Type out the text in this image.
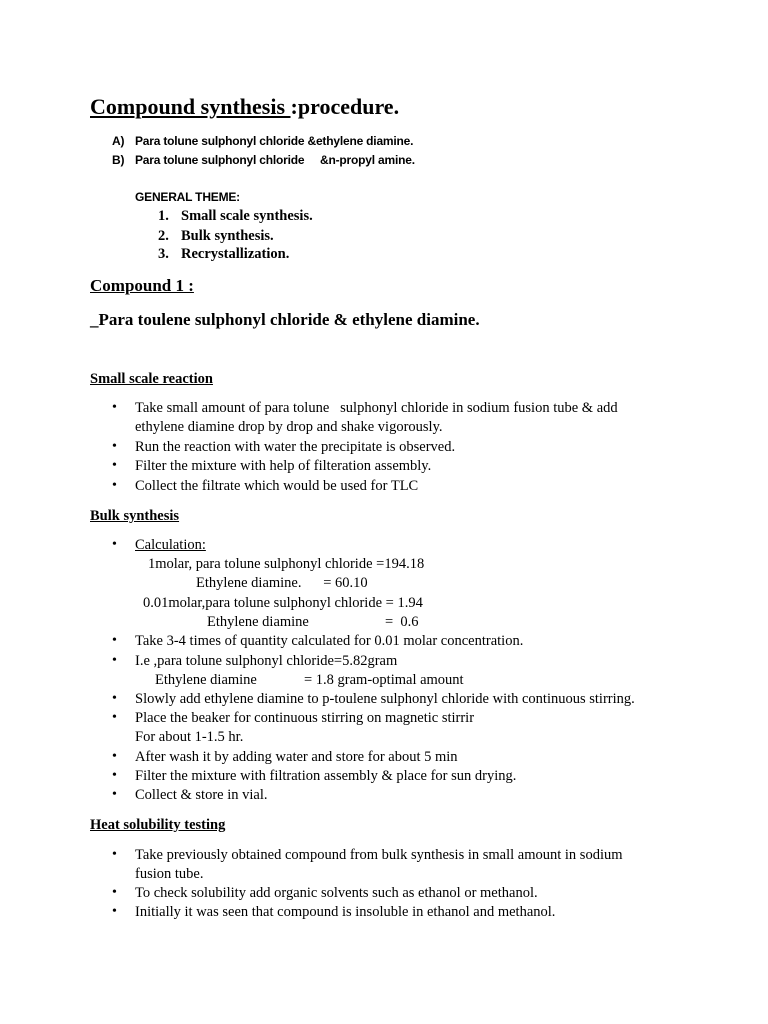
Compound synthesis :procedure.
A) Para tolune sulphonyl chloride &ethylene diamine.
B) Para tolune sulphonyl chloride     &n-propyl amine.
GENERAL THEME:
1. Small scale synthesis.
2. Bulk synthesis.
3. Recrystallization.
Compound 1 :
_Para toulene sulphonyl chloride & ethylene diamine.
Small scale reaction
• Take small amount of para tolune   sulphonyl chloride in sodium fusion tube & add
ethylene diamine drop by drop and shake vigorously.
• Run the reaction with water the precipitate is observed.
• Filter the mixture with help of filteration assembly.
• Collect the filtrate which would be used for TLC
Bulk synthesis
• Calculation:
1molar, para tolune sulphonyl chloride =194.18
Ethylene diamine.      = 60.10
0.01molar,para tolune sulphonyl chloride = 1.94
Ethylene diamine                     =  0.6
• Take 3-4 times of quantity calculated for 0.01 molar concentration.
• I.e ,para tolune sulphonyl chloride=5.82gram
Ethylene diamine             = 1.8 gram-optimal amount
• Slowly add ethylene diamine to p-toulene sulphonyl chloride with continuous stirring.
• Place the beaker for continuous stirring on magnetic stirrir
For about 1-1.5 hr.
• After wash it by adding water and store for about 5 min
• Filter the mixture with filtration assembly & place for sun drying.
• Collect & store in vial.
Heat solubility testing
• Take previously obtained compound from bulk synthesis in small amount in sodium
fusion tube.
• To check solubility add organic solvents such as ethanol or methanol.
• Initially it was seen that compound is insoluble in ethanol and methanol.
